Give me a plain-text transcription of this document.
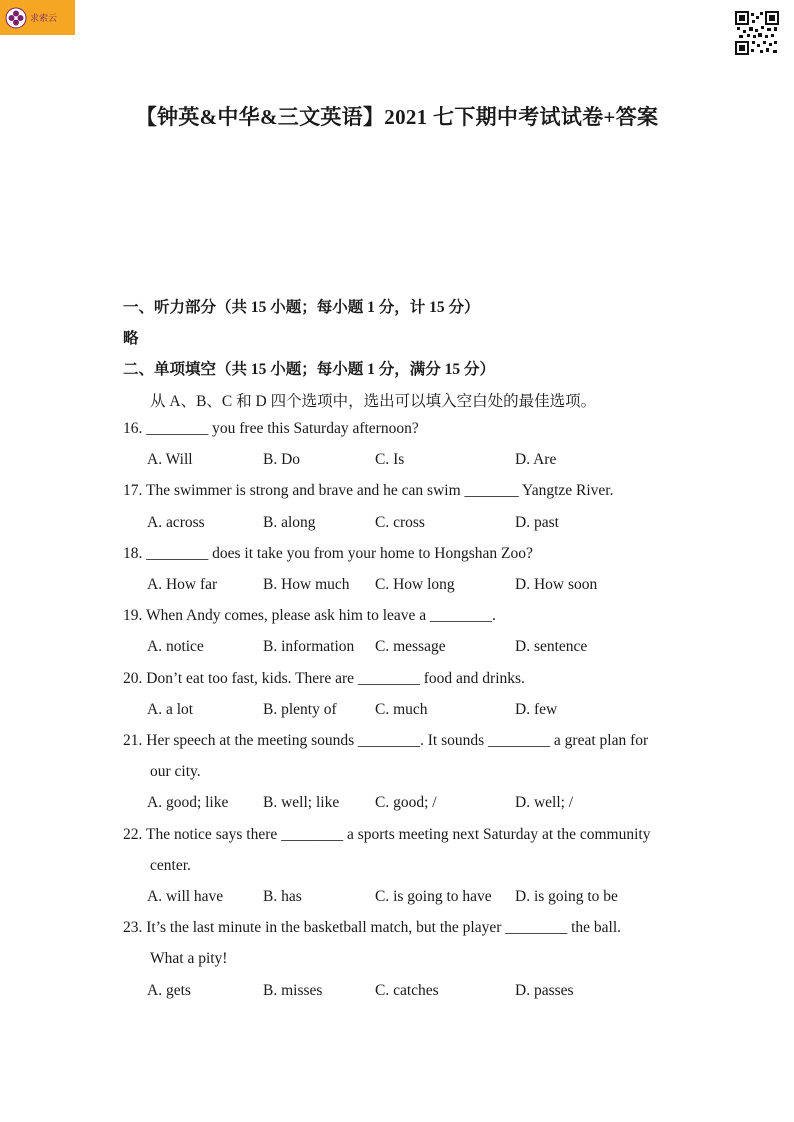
求索云
【钟英&中华&三文英语】2021 七下期中考试试卷+答案
一、听力部分（共 15 小题；每小题 1 分，计 15 分）
略
二、单项填空（共 15 小题；每小题 1 分，满分 15 分）
从 A、B、C 和 D 四个选项中，选出可以填入空白处的最佳选项。
16. ________ you free this Saturday afternoon?
A. Will	B. Do	C. Is	D. Are
17. The swimmer is strong and brave and he can swim _______ Yangtze River.
A. across	B. along	C. cross	D. past
18. ________ does it take you from your home to Hongshan Zoo?
A. How far	B. How much C. How long	D. How soon
19. When Andy comes, please ask him to leave a ________.
A. notice	B. information C. message	D. sentence
20. Don’t eat too fast, kids. There are ________ food and drinks.
A. a lot	B. plenty of C. much	D. few
21. Her speech at the meeting sounds ________. It sounds ________ a great plan for
our city.
A. good; like B. well; like C. good; /	D. well; /
22. The notice says there ________ a sports meeting next Saturday at the community
center.
A. will have	B. has	C. is going to have D. is going to be
23. It’s the last minute in the basketball match, but the player ________ the ball.
What a pity!
A. gets	B. misses	C. catches	D. passes
